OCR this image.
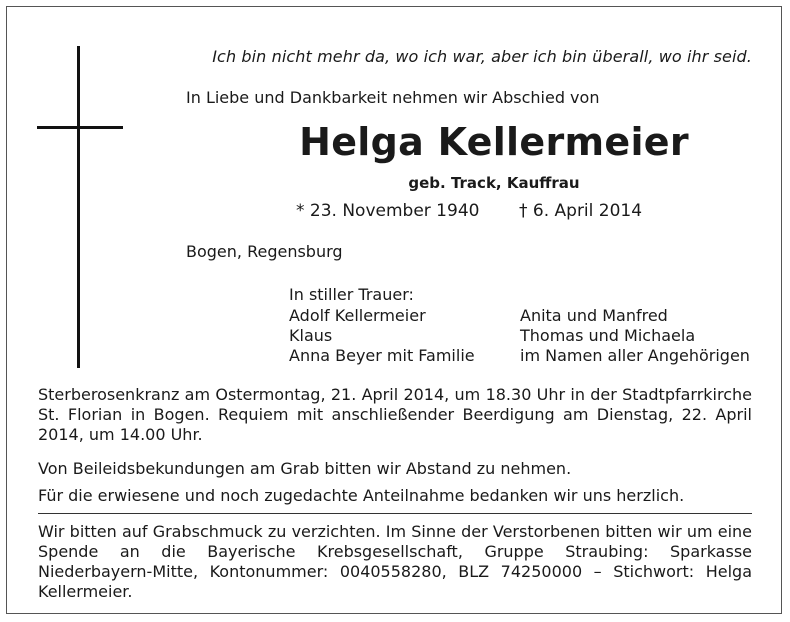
Ich bin nicht mehr da, wo ich war, aber ich bin überall, wo ihr seid.
In Liebe und Dankbarkeit nehmen wir Abschied von
Helga Kellermeier
geb. Track, Kauffrau
* 23. November 1940 † 6. April 2014
Bogen, Regensburg
In stiller Trauer:
Adolf Kellermeier
Klaus
Anna Beyer mit Familie
Anita und Manfred
Thomas und Michaela
im Namen aller Angehörigen
Sterberosenkranz am Ostermontag, 21. April 2014, um 18.30 Uhr in der Stadtpfarrkirche St. Florian in Bogen. Requiem mit anschließender Beerdigung am Dienstag, 22. April 2014, um 14.00 Uhr.
Von Beileidsbekundungen am Grab bitten wir Abstand zu nehmen.
Für die erwiesene und noch zugedachte Anteilnahme bedanken wir uns herzlich.
Wir bitten auf Grabschmuck zu verzichten. Im Sinne der Verstorbenen bitten wir um eine Spende an die Bayerische Krebsgesellschaft, Gruppe Straubing: Sparkasse Niederbayern-Mitte, Kontonummer: 0040558280, BLZ 74250000 – Stichwort: Helga Kellermeier.
